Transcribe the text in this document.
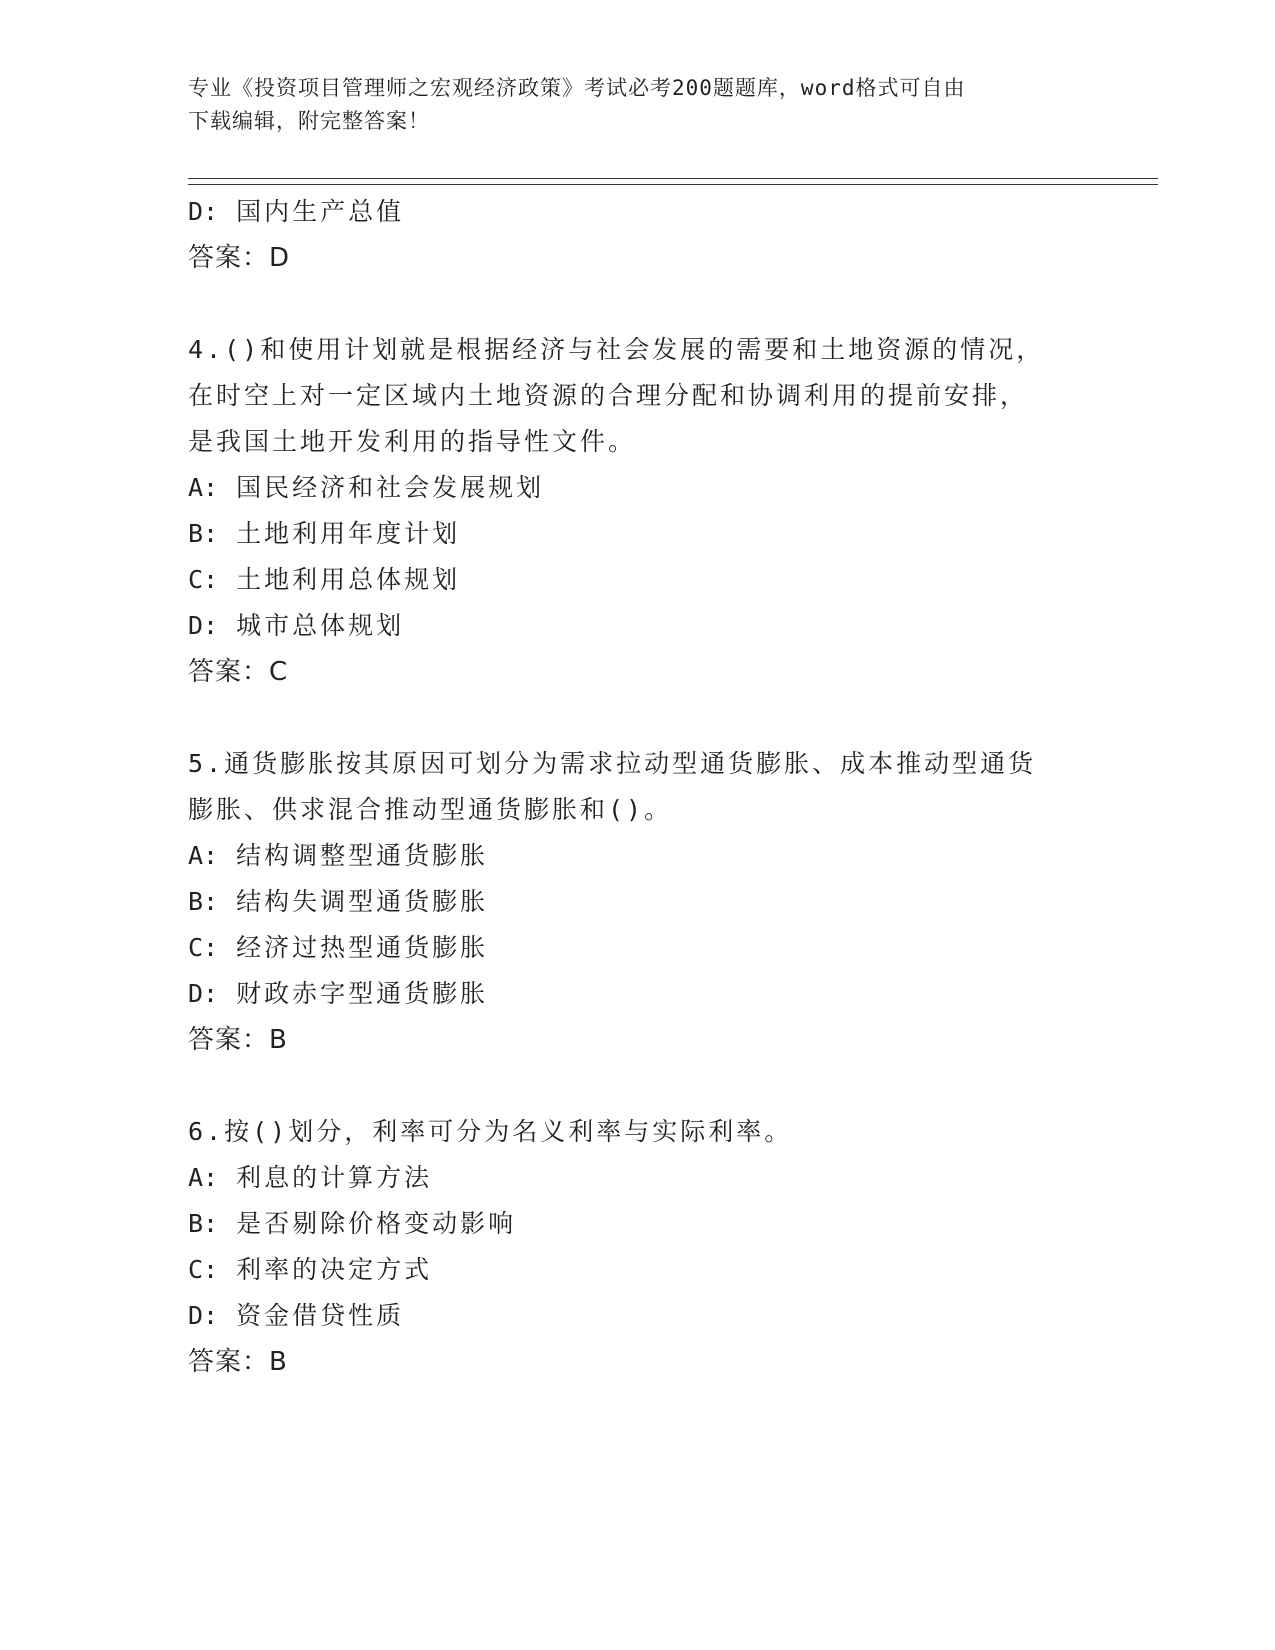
专业《投资项目管理师之宏观经济政策》考试必考200题题库，word格式可自由
下载编辑，附完整答案！
D: 国内生产总值
答案：D
4.()和使用计划就是根据经济与社会发展的需要和土地资源的情况，
在时空上对一定区域内土地资源的合理分配和协调利用的提前安排，
是我国土地开发利用的指导性文件。
A: 国民经济和社会发展规划
B: 土地利用年度计划
C: 土地利用总体规划
D: 城市总体规划
答案：C
5.通货膨胀按其原因可划分为需求拉动型通货膨胀、成本推动型通货
膨胀、供求混合推动型通货膨胀和()。
A: 结构调整型通货膨胀
B: 结构失调型通货膨胀
C: 经济过热型通货膨胀
D: 财政赤字型通货膨胀
答案：B
6.按()划分，利率可分为名义利率与实际利率。
A: 利息的计算方法
B: 是否剔除价格变动影响
C: 利率的决定方式
D: 资金借贷性质
答案：B
